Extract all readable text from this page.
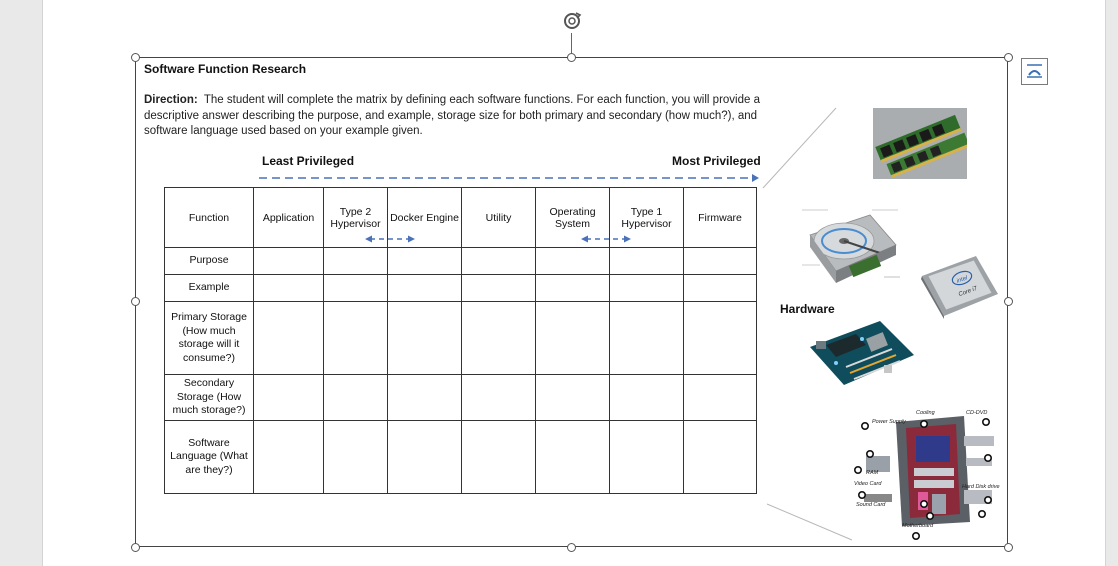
Software Function Research
Direction: The student will complete the matrix by defining each software functions. For each function, you will provide a descriptive answer describing the purpose, and example, storage size for both primary and secondary (how much?), and software language used based on your example given.
Least Privileged	Most Privileged
Function	Application	Type 2 Hypervisor	Docker Engine	Utility	Operating System	Type 1 Hypervisor	Firmware
Purpose							
Example							
Primary Storage (How much storage will it consume?)							
Secondary Storage (How much storage?)							
Software Language (What are they?)							
intel
Core i7
Hardware
Power Supply
Cooling	CD-DVD
RAM
Video Card
Sound Card
Hard Disk drive
Motherboard
